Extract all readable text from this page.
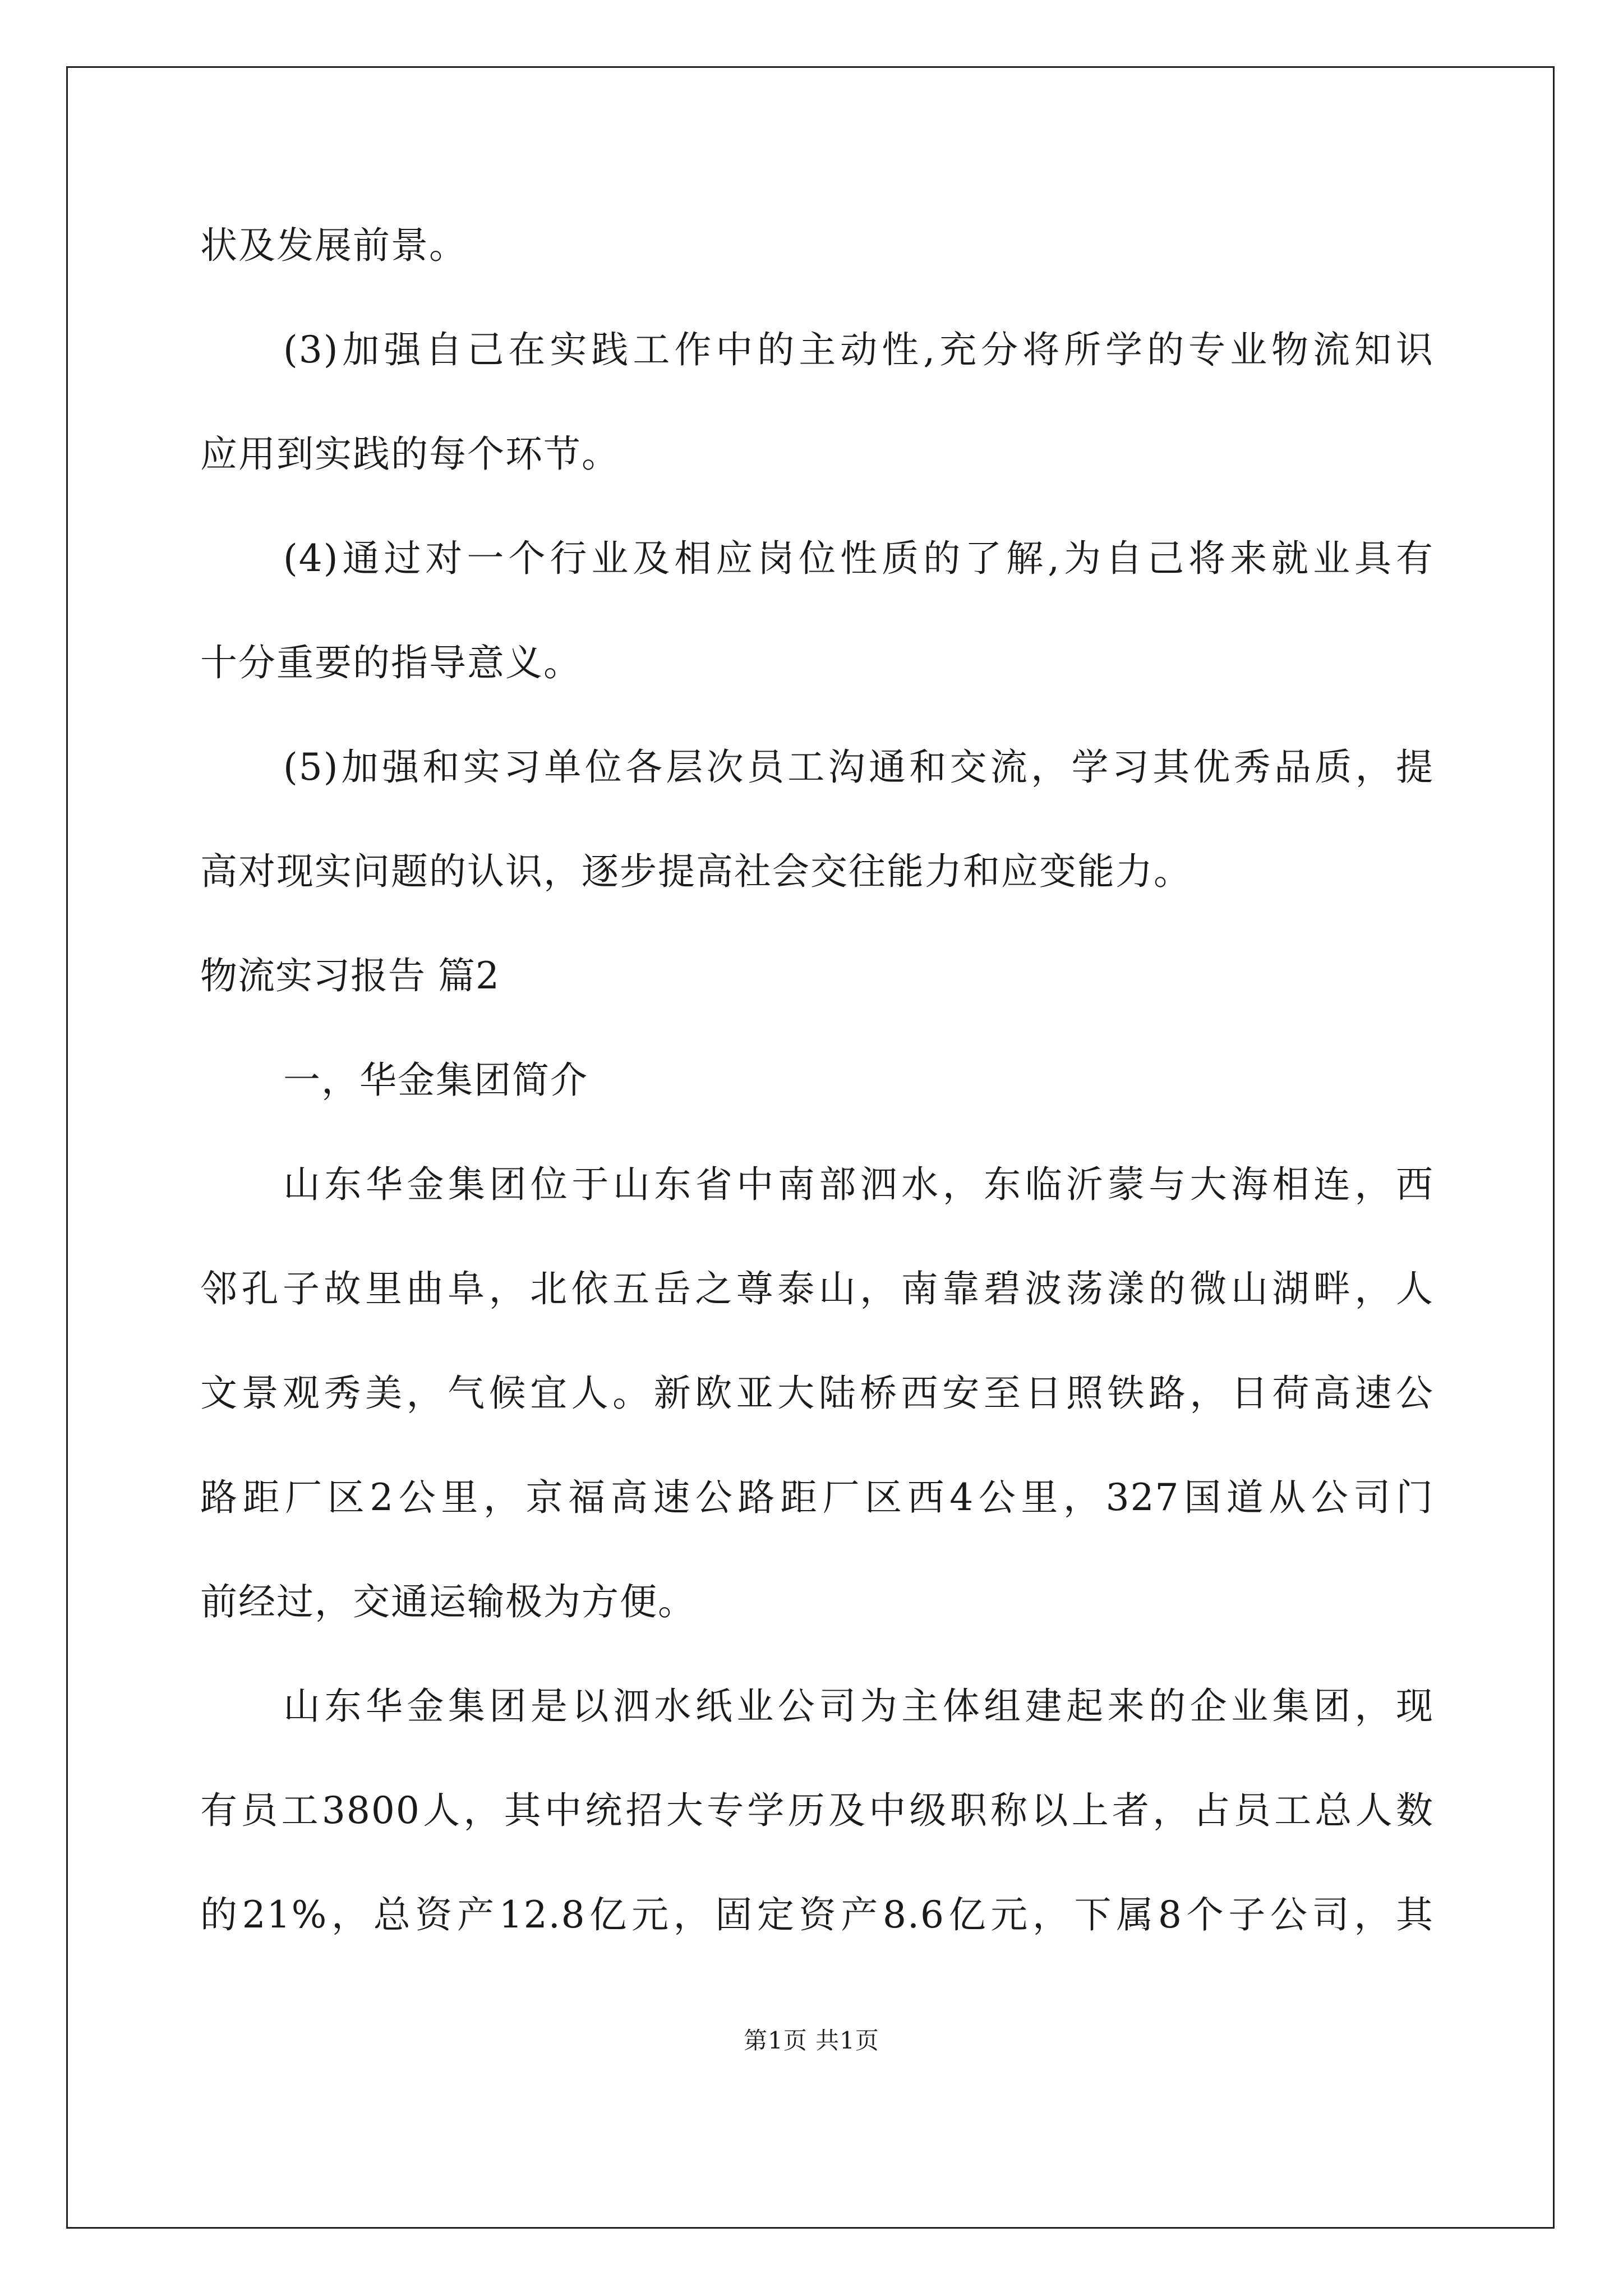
状及发展前景。
(3)加强自己在实践工作中的主动性,充分将所学的专业物流知识
应用到实践的每个环节。
(4)通过对一个行业及相应岗位性质的了解,为自己将来就业具有
十分重要的指导意义。
(5)加强和实习单位各层次员工沟通和交流，学习其优秀品质，提
高对现实问题的认识，逐步提高社会交往能力和应变能力。
物流实习报告 篇2
一，华金集团简介
山东华金集团位于山东省中南部泗水，东临沂蒙与大海相连，西
邻孔子故里曲阜，北依五岳之尊泰山，南靠碧波荡漾的微山湖畔，人
文景观秀美，气候宜人。新欧亚大陆桥西安至日照铁路，日荷高速公
路距厂区2公里，京福高速公路距厂区西4公里，327国道从公司门
前经过，交通运输极为方便。
山东华金集团是以泗水纸业公司为主体组建起来的企业集团，现
有员工3800人，其中统招大专学历及中级职称以上者，占员工总人数
的21%，总资产12.8亿元，固定资产8.6亿元，下属8个子公司，其
第1页 共1页
